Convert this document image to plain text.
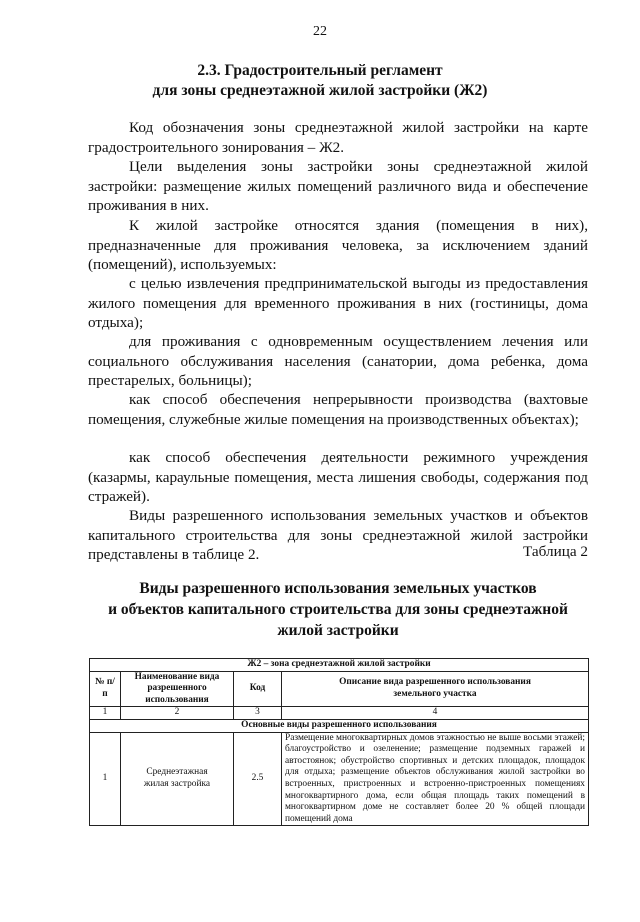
22
2.3. Градостроительный регламент
для зоны среднеэтажной жилой застройки (Ж2)
Код обозначения зоны среднеэтажной жилой застройки на карте градостроительного зонирования – Ж2.
Цели выделения зоны застройки зоны среднеэтажной жилой застройки: размещение жилых помещений различного вида и обеспечение проживания в них.
К жилой застройке относятся здания (помещения в них), предназначенные для проживания человека, за исключением зданий (помещений), используемых:
с целью извлечения предпринимательской выгоды из предоставления жилого помещения для временного проживания в них (гостиницы, дома отдыха);
для проживания с одновременным осуществлением лечения или социального обслуживания населения (санатории, дома ребенка, дома престарелых, больницы);
как способ обеспечения непрерывности производства (вахтовые помещения, служебные жилые помещения на производственных объектах);
как способ обеспечения деятельности режимного учреждения (казармы, караульные помещения, места лишения свободы, содержания под стражей).
Виды разрешенного использования земельных участков и объектов капитального строительства для зоны среднеэтажной жилой застройки представлены в таблице 2.	Таблица 2
Виды разрешенного использования земельных участков
и объектов капитального строительства для зоны среднеэтажной
жилой застройки
Ж2 – зона среднеэтажной жилой застройки			
№ п/п	Наименование вида разрешенного использования	Код	Описание вида разрешенного использования земельного участка
1	2	3	4
Основные виды разрешенного использования			
1	Среднеэтажная жилая застройка	2.5	Размещение многоквартирных домов этажностью не выше восьми этажей; благоустройство и озеленение; размещение подземных гаражей и автостоянок; обустройство спортивных и детских площадок, площадок для отдыха; размещение объектов обслуживания жилой застройки во встроенных, пристроенных и встроенно-пристроенных помещениях многоквартирного дома, если общая площадь таких помещений в многоквартирном доме не составляет более 20 % общей площади помещений дома
